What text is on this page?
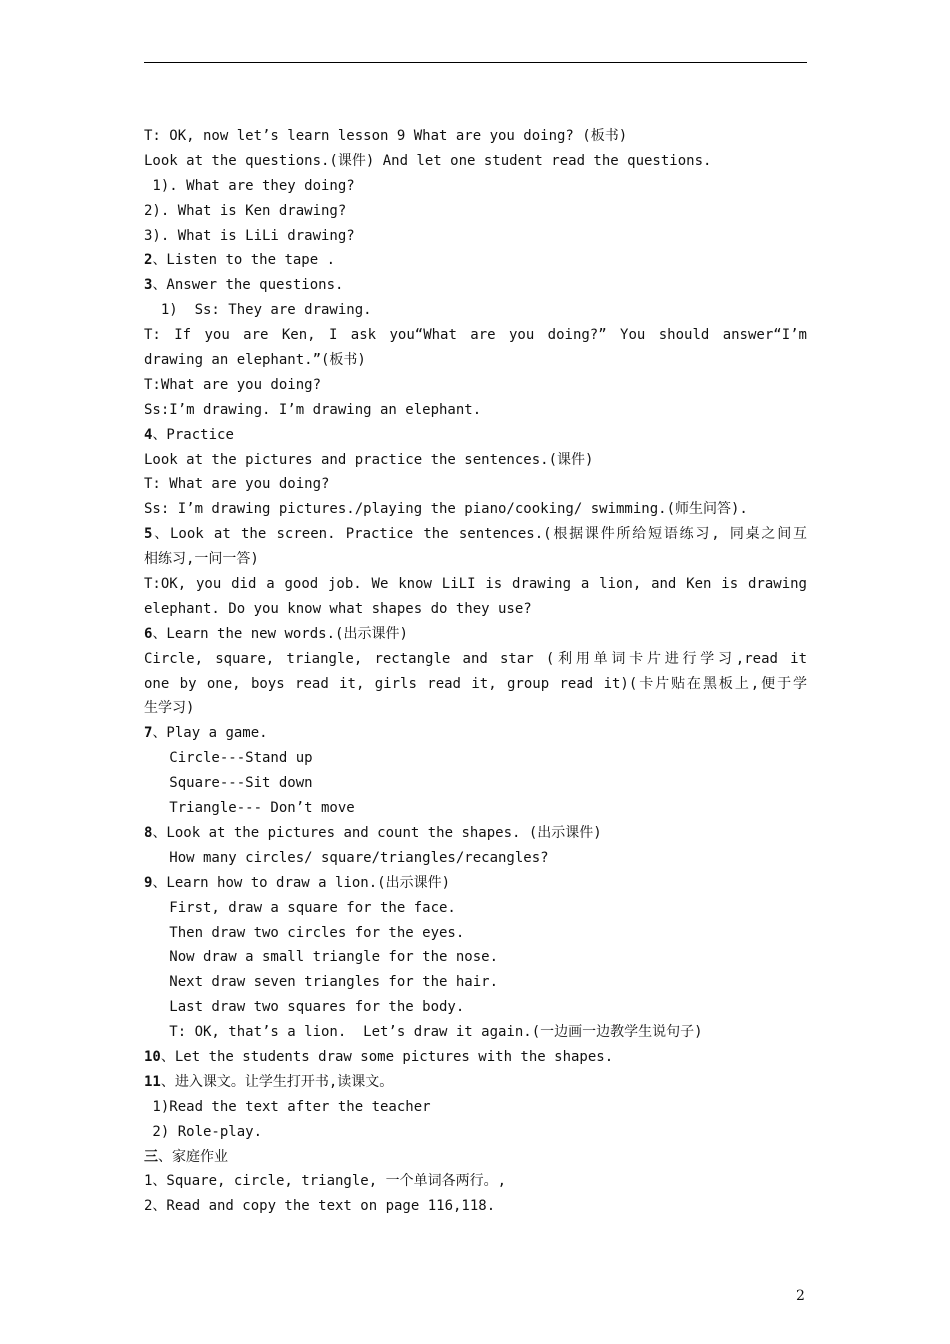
T: OK, now let’s learn lesson 9 What are you doing? (板书)
Look at the questions.(课件) And let one student read the questions.
1). What are they doing?
2). What is Ken drawing?
3). What is LiLi drawing?
2、Listen to the tape .
3、Answer the questions.
1)  Ss: They are drawing.
T: If you are Ken, I ask you“What are you doing?” You should answer“I’m
drawing an elephant.”(板书)
T:What are you doing?
Ss:I’m drawing. I’m drawing an elephant.
4、Practice
Look at the pictures and practice the sentences.(课件)
T: What are you doing?
Ss: I’m drawing pictures./playing the piano/cooking/ swimming.(师生问答).
5、Look at the screen. Practice the sentences.(根据课件所给短语练习, 同桌之间互
相练习,一问一答)
T:OK, you did a good job. We know LiLI is drawing a lion, and Ken is drawing
elephant. Do you know what shapes do they use?
6、Learn the new words.(出示课件)
Circle, square, triangle, rectangle and star (利用单词卡片进行学习,read it
one by one, boys read it, girls read it, group read it)(卡片贴在黑板上,便于学
生学习)
7、Play a game.
Circle---Stand up
Square---Sit down
Triangle--- Don’t move
8、Look at the pictures and count the shapes. (出示课件)
How many circles/ square/triangles/recangles?
9、Learn how to draw a lion.(出示课件)
First, draw a square for the face.
Then draw two circles for the eyes.
Now draw a small triangle for the nose.
Next draw seven triangles for the hair.
Last draw two squares for the body.
T: OK, that’s a lion.  Let’s draw it again.(一边画一边教学生说句子)
10、Let the students draw some pictures with the shapes.
11、进入课文。让学生打开书,读课文。
1)Read the text after the teacher
2) Role-play.
三、家庭作业
1、Square, circle, triangle, 一个单词各两行。,
2、Read and copy the text on page 116,118.
2
